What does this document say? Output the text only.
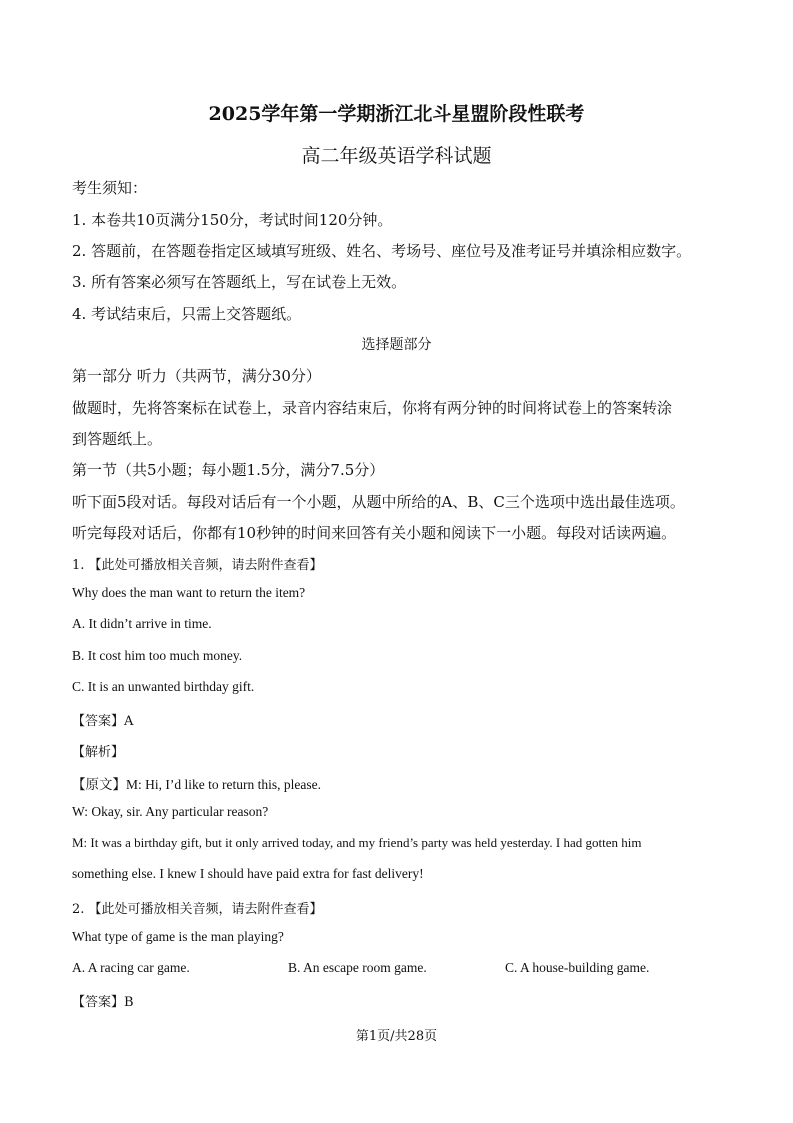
2025学年第一学期浙江北斗星盟阶段性联考
高二年级英语学科试题
考生须知：
1. 本卷共10页满分150分，考试时间120分钟。
2. 答题前，在答题卷指定区域填写班级、姓名、考场号、座位号及准考证号并填涂相应数字。
3. 所有答案必须写在答题纸上，写在试卷上无效。
4. 考试结束后，只需上交答题纸。
选择题部分
第一部分 听力（共两节，满分30分）
做题时，先将答案标在试卷上，录音内容结束后，你将有两分钟的时间将试卷上的答案转涂
到答题纸上。
第一节（共5小题；每小题1.5分，满分7.5分）
听下面5段对话。每段对话后有一个小题，从题中所给的A、B、C三个选项中选出最佳选项。
听完每段对话后，你都有10秒钟的时间来回答有关小题和阅读下一小题。每段对话读两遍。
1. 【此处可播放相关音频，请去附件查看】
Why does the man want to return the item?
A. It didn’t arrive in time.
B. It cost him too much money.
C. It is an unwanted birthday gift.
【答案】A
【解析】
【原文】M: Hi, I’d like to return this, please.
W: Okay, sir. Any particular reason?
M: It was a birthday gift, but it only arrived today, and my friend’s party was held yesterday. I had gotten him
something else. I knew I should have paid extra for fast delivery!
2. 【此处可播放相关音频，请去附件查看】
What type of game is the man playing?
A. A racing car game.	B. An escape room game.	C. A house-building game.
【答案】B
第1页/共28页
